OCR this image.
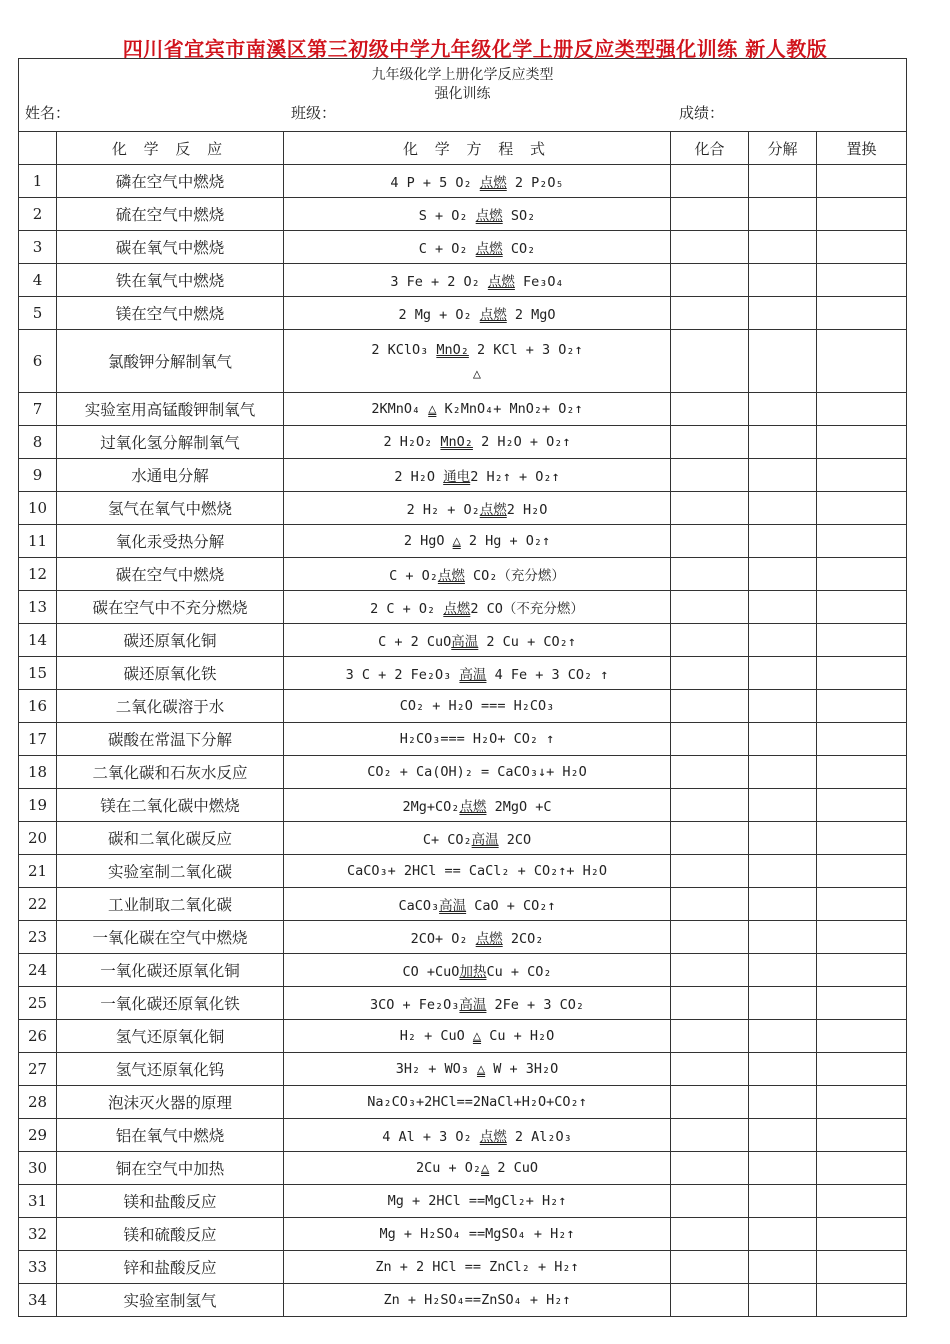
四川省宜宾市南溪区第三初级中学九年级化学上册反应类型强化训练 新人教版
九年级化学上册化学反应类型
强化训练
姓名： 班级： 成绩：					

	化 学 反 应	化 学 方 程 式	化合	分解	置换
1	磷在空气中燃烧	4 P + 5 O₂ 点燃 2 P₂O₅			
2	硫在空气中燃烧	S + O₂ 点燃 SO₂			
3	碳在氧气中燃烧	C + O₂ 点燃 CO₂			
4	铁在氧气中燃烧	3 Fe + 2 O₂ 点燃 Fe₃O₄			
5	镁在空气中燃烧	2 Mg + O₂ 点燃 2 MgO			
6	氯酸钾分解制氧气	2 KClO₃ MnO₂ 2 KCl + 3 O₂↑
△			

7	实验室用高锰酸钾制氧气	2KMnO₄ △ K₂MnO₄+ MnO₂+ O₂↑			
8	过氧化氢分解制氧气	2 H₂O₂ MnO₂ 2 H₂O + O₂↑			
9	水通电分解	2 H₂O 通电2 H₂↑ + O₂↑			
10	氢气在氧气中燃烧	2 H₂ + O₂点燃2 H₂O			
11	氧化汞受热分解	2 HgO △ 2 Hg + O₂↑			
12	碳在空气中燃烧	C + O₂点燃 CO₂（充分燃）			
13	碳在空气中不充分燃烧	2 C + O₂ 点燃2 CO（不充分燃）			
14	碳还原氧化铜	C + 2 CuO高温 2 Cu + CO₂↑			
15	碳还原氧化铁	3 C + 2 Fe₂O₃ 高温 4 Fe + 3 CO₂ ↑			
16	二氧化碳溶于水	CO₂ + H₂O === H₂CO₃			
17	碳酸在常温下分解	H₂CO₃=== H₂O+ CO₂ ↑			
18	二氧化碳和石灰水反应	CO₂ + Ca(OH)₂ = CaCO₃↓+ H₂O			
19	镁在二氧化碳中燃烧	2Mg+CO₂点燃 2MgO +C			
20	碳和二氧化碳反应	C+ CO₂高温 2CO			
21	实验室制二氧化碳	CaCO₃+ 2HCl == CaCl₂ + CO₂↑+ H₂O			
22	工业制取二氧化碳	CaCO₃高温 CaO + CO₂↑			
23	一氧化碳在空气中燃烧	2CO+ O₂ 点燃 2CO₂			
24	一氧化碳还原氧化铜	CO +CuO加热Cu + CO₂			
25	一氧化碳还原氧化铁	3CO + Fe₂O₃高温 2Fe + 3 CO₂			
26	氢气还原氧化铜	H₂ + CuO △ Cu + H₂O			
27	氢气还原氧化钨	3H₂ + WO₃ △ W + 3H₂O			
28	泡沫灭火器的原理	Na₂CO₃+2HCl==2NaCl+H₂O+CO₂↑			
29	铝在氧气中燃烧	4 Al + 3 O₂ 点燃 2 Al₂O₃			
30	铜在空气中加热	2Cu + O₂△ 2 CuO			
31	镁和盐酸反应	Mg + 2HCl ==MgCl₂+ H₂↑			
32	镁和硫酸反应	Mg + H₂SO₄ ==MgSO₄ + H₂↑			
33	锌和盐酸反应	Zn + 2 HCl == ZnCl₂ + H₂↑			
34	实验室制氢气	Zn + H₂SO₄==ZnSO₄ + H₂↑			
